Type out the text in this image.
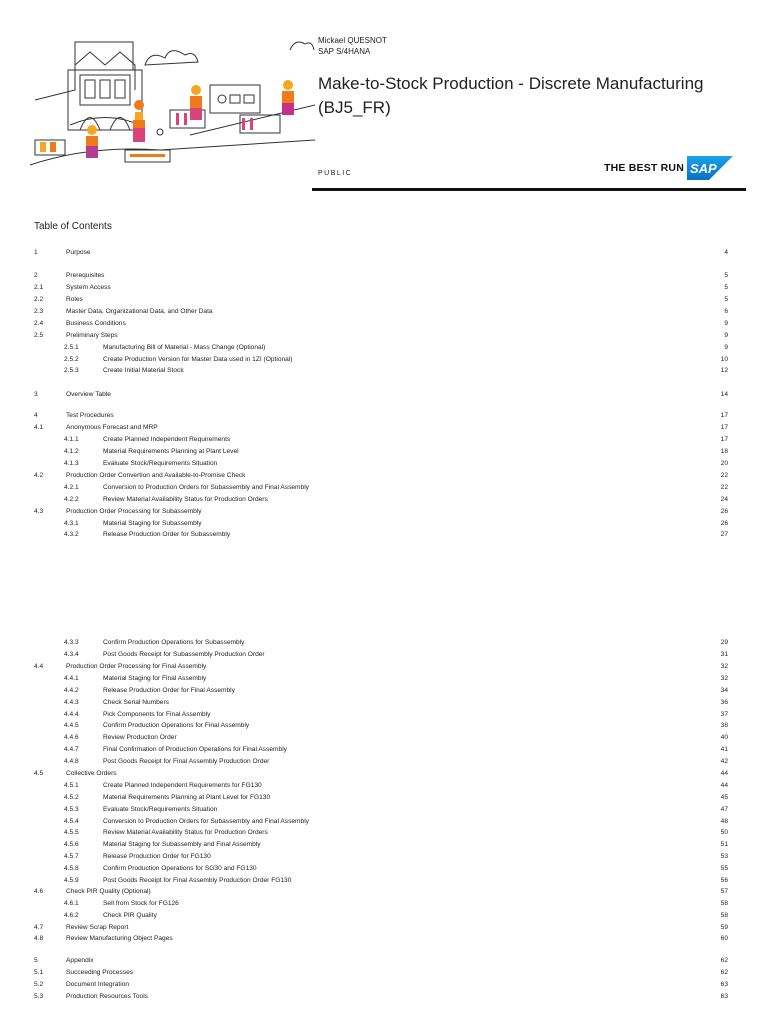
Mickael QUESNOT
SAP S/4HANA
Make-to-Stock Production - Discrete Manufacturing (BJ5_FR)
PUBLIC	THE BEST RUN SAP
Table of Contents
1	Purpose	4
2	Prerequisites	5
2.1	System Access	5
2.2	Roles	5
2.3	Master Data, Organizational Data, and Other Data	6
2.4	Business Conditions	9
2.5	Preliminary Steps	9
2.5.1	Manufacturing Bill of Material - Mass Change (Optional)	9
2.5.2	Create Production Version for Master Data used in 1ZI (Optional)	10
2.5.3	Create Initial Material Stock	12
3	Overview Table	14
4	Test Procedures	17
4.1	Anonymous Forecast and MRP	17
4.1.1	Create Planned Independent Requirements	17
4.1.2	Material Requirements Planning at Plant Level	18
4.1.3	Evaluate Stock/Requirements Situation	20
4.2	Production Order Convertion and Available-to-Promise Check	22
4.2.1	Conversion to Production Orders for Subassembly and Final Assembly	22
4.2.2	Review Material Availability Status for Production Orders	24
4.3	Production Order Processing for Subassembly	26
4.3.1	Material Staging for Subassembly	26
4.3.2	Release Production Order for Subassembly	27
4.3.3	Confirm Production Operations for Subassembly	29
4.3.4	Post Goods Receipt for Subassembly Production Order	31
4.4	Production Order Processing for Final Assembly	32
4.4.1	Material Staging for Final Assembly	32
4.4.2	Release Production Order for Final Assembly	34
4.4.3	Check Serial Numbers	36
4.4.4	Pick Components for Final Assembly	37
4.4.5	Confirm Production Operations for Final Assembly	38
4.4.6	Review Production Order	40
4.4.7	Final Confirmation of Production Operations for Final Assembly	41
4.4.8	Post Goods Receipt for Final Assembly Production Order	42
4.5	Collective Orders	44
4.5.1	Create Planned Independent Requirements for FG130	44
4.5.2	Material Requirements Planning at Plant Level for FG130	45
4.5.3	Evaluate Stock/Requirements Situation	47
4.5.4	Conversion to Production Orders for Subassembly and Final Assembly	48
4.5.5	Review Material Availability Status for Production Orders	50
4.5.6	Material Staging for Subassembly and Final Assembly	51
4.5.7	Release Production Order for FG130	53
4.5.8	Confirm Production Operations for SG30 and FG130	55
4.5.9	Post Goods Receipt for Final Assembly Production Order FG130	56
4.6	Check PIR Quality (Optional)	57
4.6.1	Sell from Stock for FG126	58
4.6.2	Check PIR Quality	58
4.7	Review Scrap Report	59
4.8	Review Manufacturing Object Pages	60
5	Appendix	62
5.1	Succeeding Processes	62
5.2	Document Integration	63
5.3	Production Resources Tools	63
